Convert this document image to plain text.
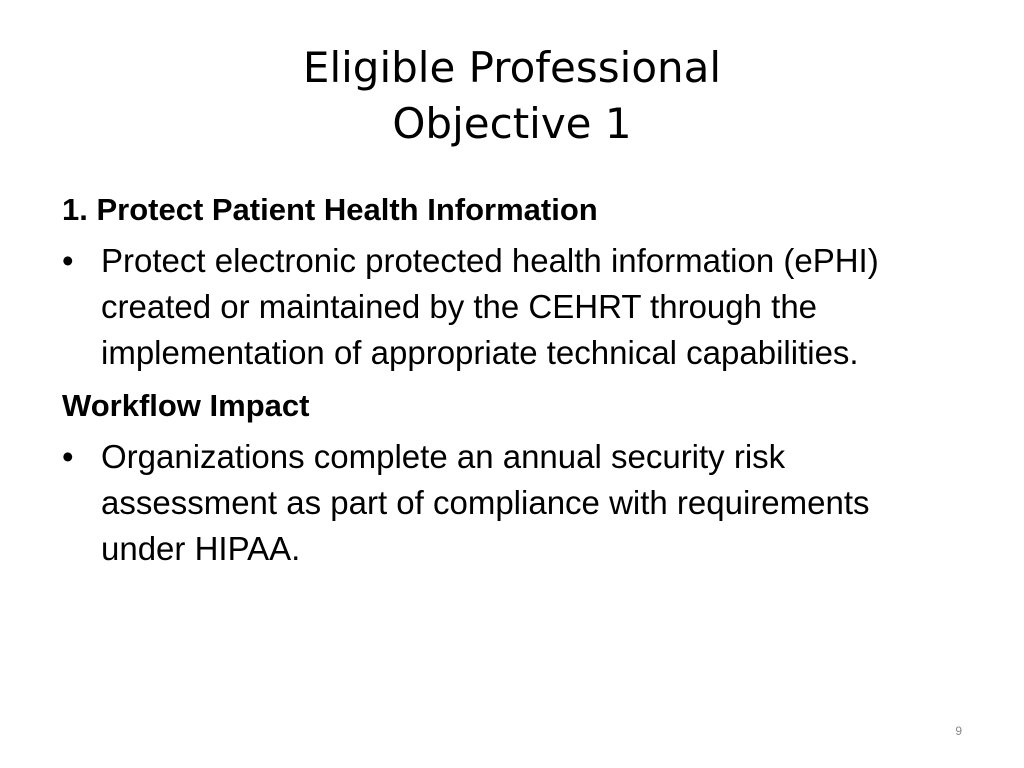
Eligible Professional
Objective 1

1. Protect Patient Health Information

• Protect electronic protected health information (ePHI) created or maintained by the CEHRT through the implementation of appropriate technical capabilities.

Workflow Impact

• Organizations complete an annual security risk assessment as part of compliance with requirements under HIPAA.

9
